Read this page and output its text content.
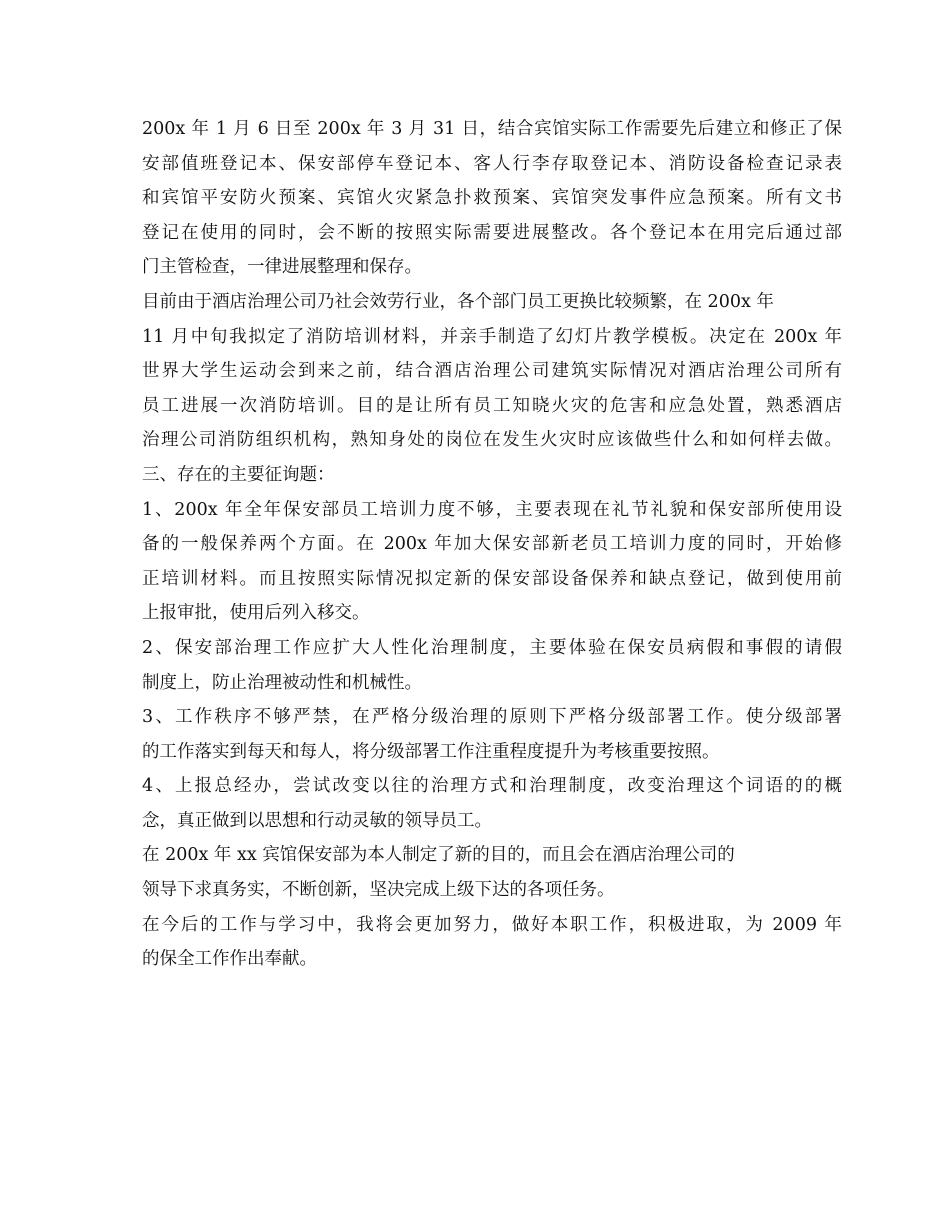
200x 年 1 月 6 日至 200x 年 3 月 31 日，结合宾馆实际工作需要先后建立和修正了保
安部值班登记本、保安部停车登记本、客人行李存取登记本、消防设备检查记录表
和宾馆平安防火预案、宾馆火灾紧急扑救预案、宾馆突发事件应急预案。所有文书
登记在使用的同时，会不断的按照实际需要进展整改。各个登记本在用完后通过部
门主管检查，一律进展整理和保存。
目前由于酒店治理公司乃社会效劳行业，各个部门员工更换比较频繁，在 200x 年
11 月中旬我拟定了消防培训材料，并亲手制造了幻灯片教学模板。决定在 200x 年
世界大学生运动会到来之前，结合酒店治理公司建筑实际情况对酒店治理公司所有
员工进展一次消防培训。目的是让所有员工知晓火灾的危害和应急处置，熟悉酒店
治理公司消防组织机构，熟知身处的岗位在发生火灾时应该做些什么和如何样去做。
三、存在的主要征询题：
1、200x 年全年保安部员工培训力度不够，主要表现在礼节礼貌和保安部所使用设
备的一般保养两个方面。在 200x 年加大保安部新老员工培训力度的同时，开始修
正培训材料。而且按照实际情况拟定新的保安部设备保养和缺点登记，做到使用前
上报审批，使用后列入移交。
2、保安部治理工作应扩大人性化治理制度，主要体验在保安员病假和事假的请假
制度上，防止治理被动性和机械性。
3、工作秩序不够严禁，在严格分级治理的原则下严格分级部署工作。使分级部署
的工作落实到每天和每人，将分级部署工作注重程度提升为考核重要按照。
4、上报总经办，尝试改变以往的治理方式和治理制度，改变治理这个词语的的概
念，真正做到以思想和行动灵敏的领导员工。
在 200x 年 xx 宾馆保安部为本人制定了新的目的，而且会在酒店治理公司的
领导下求真务实，不断创新，坚决完成上级下达的各项任务。
在今后的工作与学习中，我将会更加努力，做好本职工作，积极进取，为 2009 年
的保全工作作出奉献。
